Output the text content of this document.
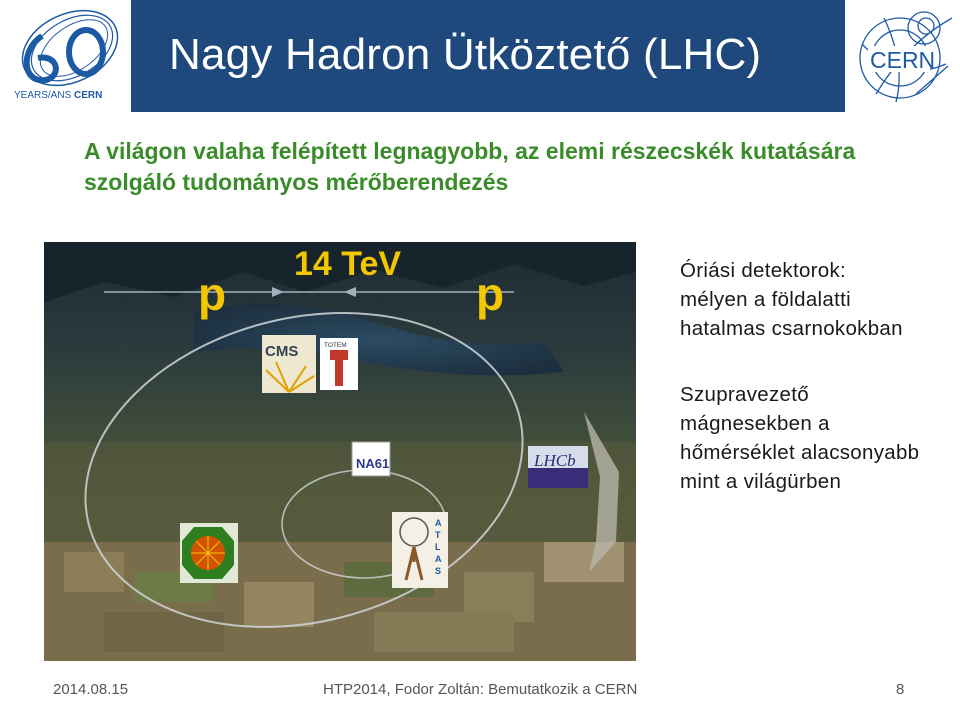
YEARS/ANS CERN
Nagy Hadron Ütköztető (LHC)	CERN
A világon valaha felépített legnagyobb, az elemi részecskék kutatására
szolgáló tudományos mérőberendezés
14 TeV
p	p
CMS	TOTEM
NA61	LHCb
A
T
L
A
S
Óriási detektorok:
mélyen a földalatti
hatalmas csarnokokban
Szupravezető
mágnesekben a
hőmérséklet alacsonyabb
mint a világürben
2014.08.15	HTP2014, Fodor Zoltán: Bemutatkozik a CERN	8
